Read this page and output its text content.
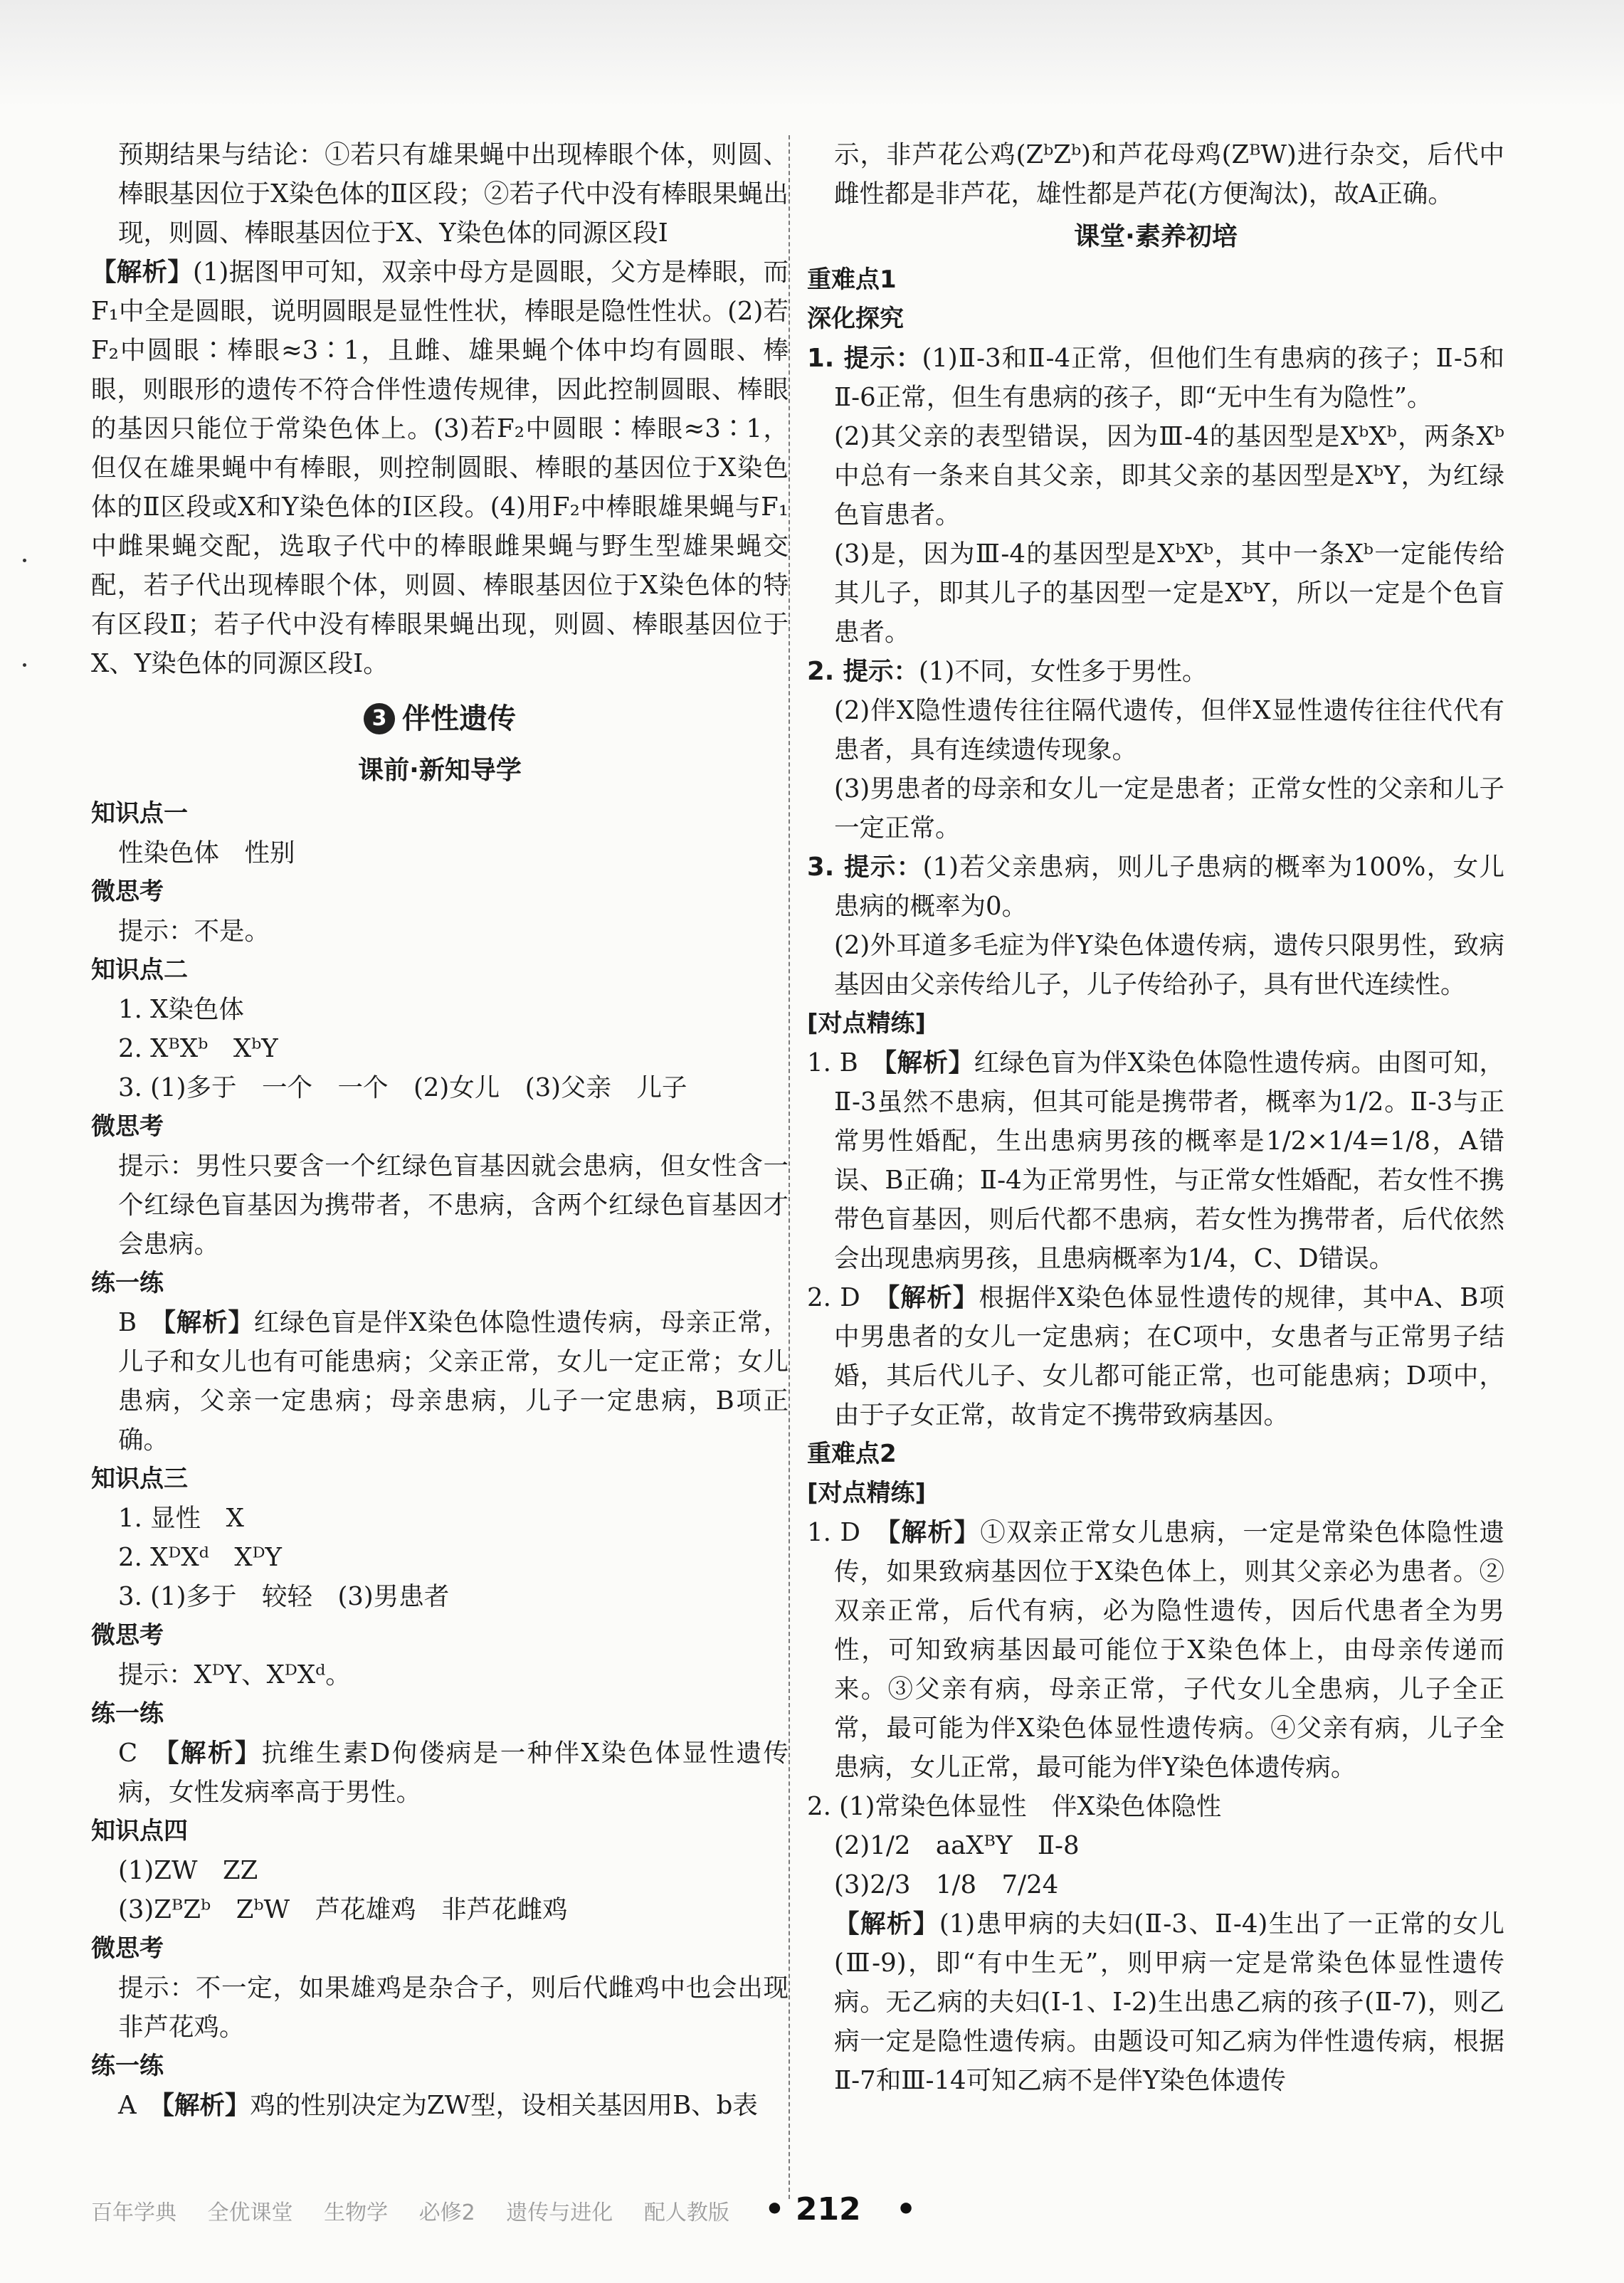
预期结果与结论：①若只有雄果蝇中出现棒眼个体，则圆、棒眼基因位于X染色体的Ⅱ区段；②若子代中没有棒眼果蝇出现，则圆、棒眼基因位于X、Y染色体的同源区段Ⅰ

【解析】(1)据图甲可知，双亲中母方是圆眼，父方是棒眼，而F₁中全是圆眼，说明圆眼是显性性状，棒眼是隐性性状。(2)若F₂中圆眼∶棒眼≈3∶1，且雌、雄果蝇个体中均有圆眼、棒眼，则眼形的遗传不符合伴性遗传规律，因此控制圆眼、棒眼的基因只能位于常染色体上。(3)若F₂中圆眼∶棒眼≈3∶1，但仅在雄果蝇中有棒眼，则控制圆眼、棒眼的基因位于X染色体的Ⅱ区段或X和Y染色体的Ⅰ区段。(4)用F₂中棒眼雄果蝇与F₁中雌果蝇交配，选取子代中的棒眼雌果蝇与野生型雄果蝇交配，若子代出现棒眼个体，则圆、棒眼基因位于X染色体的特有区段Ⅱ；若子代中没有棒眼果蝇出现，则圆、棒眼基因位于X、Y染色体的同源区段Ⅰ。

3 伴性遗传

课前·新知导学

知识点一

性染色体　性别

微思考

提示：不是。

知识点二

1. X染色体

2. XᴮXᵇ　XᵇY

3. (1)多于　一个　一个　(2)女儿　(3)父亲　儿子

微思考

提示：男性只要含一个红绿色盲基因就会患病，但女性含一个红绿色盲基因为携带者，不患病，含两个红绿色盲基因才会患病。

练一练

B　 【解析】红绿色盲是伴X染色体隐性遗传病，母亲正常，儿子和女儿也有可能患病；父亲正常，女儿一定正常；女儿患病，父亲一定患病；母亲患病，儿子一定患病，B项正确。

知识点三

1. 显性　X

2. XᴰXᵈ　XᴰY

3. (1)多于　较轻　(3)男患者

微思考

提示：XᴰY、XᴰXᵈ。

练一练

C　 【解析】抗维生素D佝偻病是一种伴X染色体显性遗传病，女性发病率高于男性。

知识点四

(1)ZW　ZZ

(3)ZᴮZᵇ　ZᵇW　芦花雄鸡　非芦花雌鸡

微思考

提示：不一定，如果雄鸡是杂合子，则后代雌鸡中也会出现非芦花鸡。

练一练

A　 【解析】鸡的性别决定为ZW型，设相关基因用B、b表

示，非芦花公鸡(ZᵇZᵇ)和芦花母鸡(ZᴮW)进行杂交，后代中雌性都是非芦花，雄性都是芦花(方便淘汰)，故A正确。

课堂·素养初培

重难点1

深化探究

1. 提示：(1)Ⅱ-3和Ⅱ-4正常，但他们生有患病的孩子；Ⅱ-5和Ⅱ-6正常，但生有患病的孩子，即“无中生有为隐性”。

(2)其父亲的表型错误，因为Ⅲ-4的基因型是XᵇXᵇ，两条Xᵇ中总有一条来自其父亲，即其父亲的基因型是XᵇY，为红绿色盲患者。

(3)是，因为Ⅲ-4的基因型是XᵇXᵇ，其中一条Xᵇ一定能传给其儿子，即其儿子的基因型一定是XᵇY，所以一定是个色盲患者。

2. 提示：(1)不同，女性多于男性。

(2)伴X隐性遗传往往隔代遗传，但伴X显性遗传往往代代有患者，具有连续遗传现象。

(3)男患者的母亲和女儿一定是患者；正常女性的父亲和儿子一定正常。

3. 提示：(1)若父亲患病，则儿子患病的概率为100%，女儿患病的概率为0。

(2)外耳道多毛症为伴Y染色体遗传病，遗传只限男性，致病基因由父亲传给儿子，儿子传给孙子，具有世代连续性。

[对点精练]

1. B　 【解析】红绿色盲为伴X染色体隐性遗传病。由图可知，Ⅱ-3虽然不患病，但其可能是携带者，概率为1/2。Ⅱ-3与正常男性婚配，生出患病男孩的概率是1/2×1/4=1/8，A错误、B正确；Ⅱ-4为正常男性，与正常女性婚配，若女性不携带色盲基因，则后代都不患病，若女性为携带者，后代依然会出现患病男孩，且患病概率为1/4，C、D错误。

2. D　 【解析】根据伴X染色体显性遗传的规律，其中A、B项中男患者的女儿一定患病；在C项中，女患者与正常男子结婚，其后代儿子、女儿都可能正常，也可能患病；D项中，由于子女正常，故肯定不携带致病基因。

重难点2

[对点精练]

1. D　 【解析】①双亲正常女儿患病，一定是常染色体隐性遗传，如果致病基因位于X染色体上，则其父亲必为患者。②双亲正常，后代有病，必为隐性遗传，因后代患者全为男性，可知致病基因最可能位于X染色体上，由母亲传递而来。③父亲有病，母亲正常，子代女儿全患病，儿子全正常，最可能为伴X染色体显性遗传病。④父亲有病，儿子全患病，女儿正常，最可能为伴Y染色体遗传病。

2. (1)常染色体显性　伴X染色体隐性

(2)1/2　aaXᴮY　Ⅱ-8

(3)2/3　1/8　7/24

【解析】(1)患甲病的夫妇(Ⅱ-3、Ⅱ-4)生出了一正常的女儿(Ⅲ-9)，即“有中生无”，则甲病一定是常染色体显性遗传病。无乙病的夫妇(Ⅰ-1、Ⅰ-2)生出患乙病的孩子(Ⅱ-7)，则乙病一定是隐性遗传病。由题设可知乙病为伴性遗传病，根据Ⅱ-7和Ⅲ-14可知乙病不是伴Y染色体遗传

百年学典 全优课堂 生物学 必修2 遗传与进化 配人教版 • 212 •
